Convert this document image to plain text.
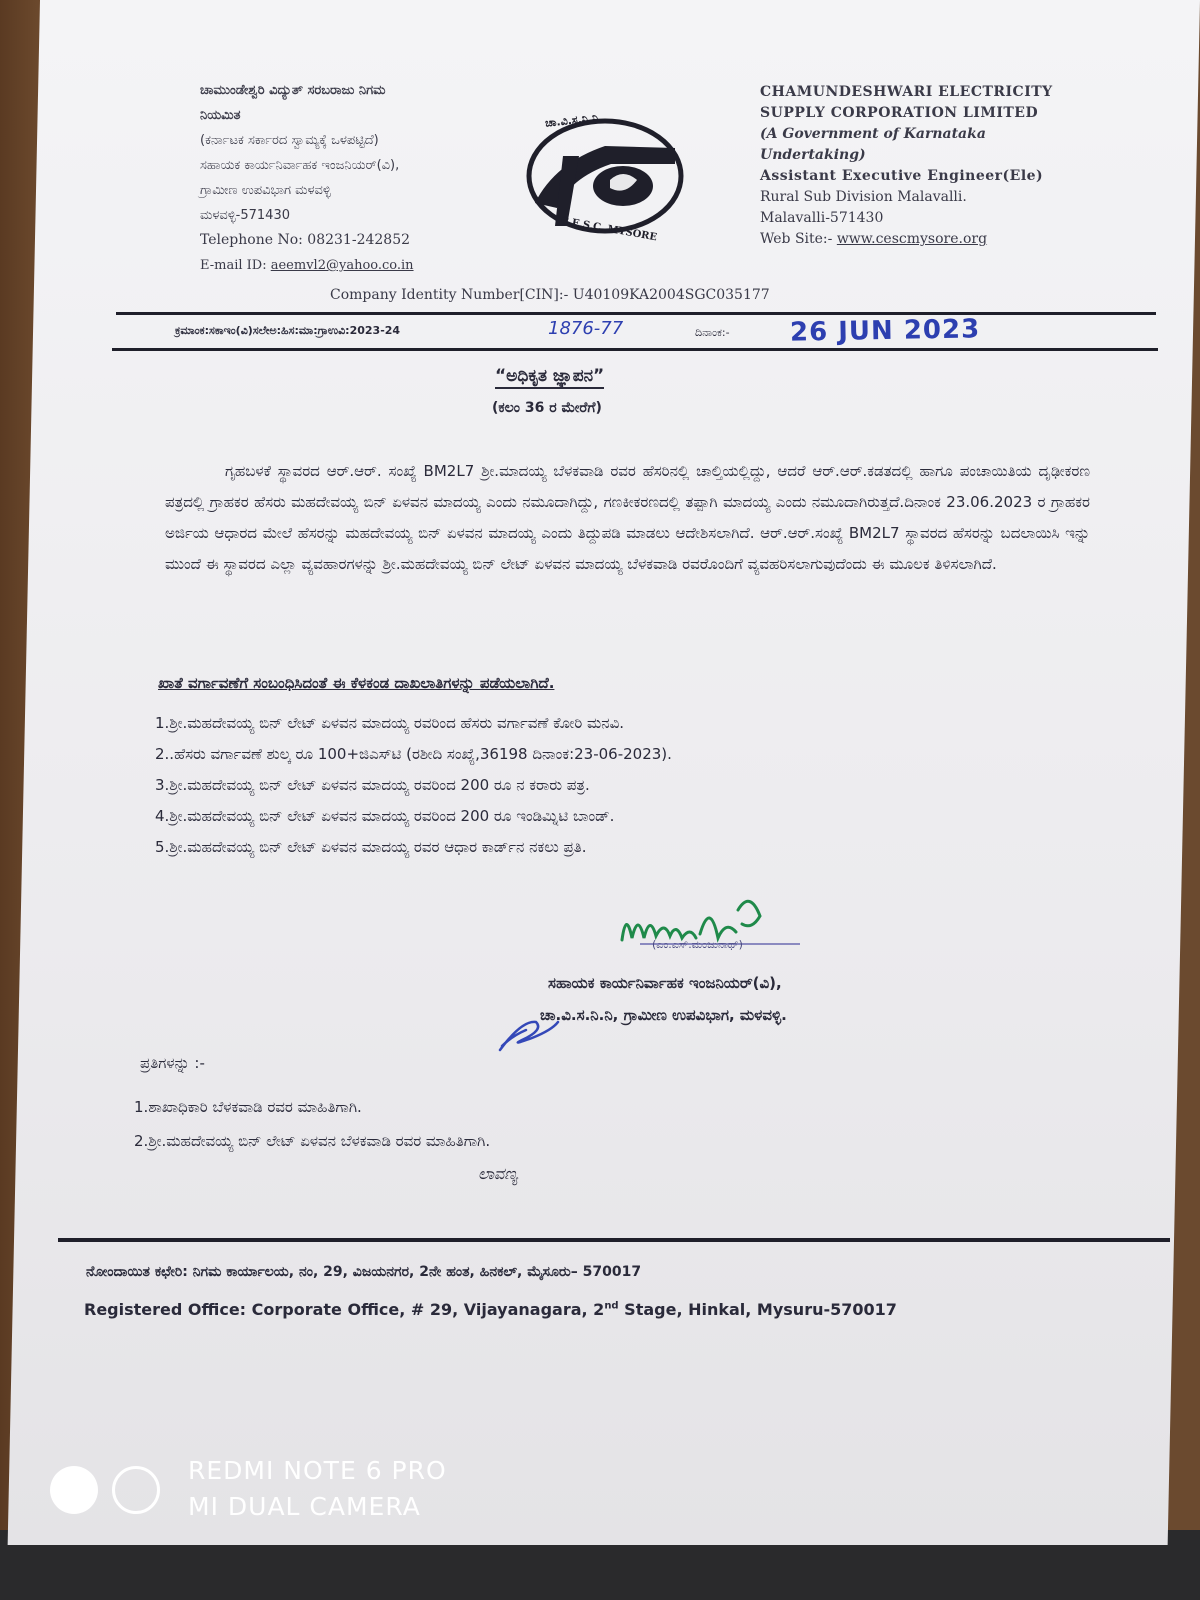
ಚಾಮುಂಡೇಶ್ವರಿ ವಿದ್ಯುತ್ ಸರಬರಾಜು ನಿಗಮ
ನಿಯಮಿತ
(ಕರ್ನಾಟಕ ಸರ್ಕಾರದ ಸ್ವಾಮ್ಯಕ್ಕೆ ಒಳಪಟ್ಟಿದೆ)
ಸಹಾಯಕ ಕಾರ್ಯನಿರ್ವಾಹಕ ಇಂಜನಿಯರ್(ವಿ),
ಗ್ರಾಮೀಣ ಉಪವಿಭಾಗ ಮಳವಳ್ಳಿ
ಮಳವಳ್ಳಿ-571430
Telephone No: 08231-242852
E-mail ID: aeemvl2@yahoo.co.in
ಚಾ.ವಿ.ಸ.ನಿ.ನಿ
C.E.S.C, MYSORE
CHAMUNDESHWARI ELECTRICITY
SUPPLY CORPORATION LIMITED
(A Government of Karnataka
Undertaking)
Assistant Executive Engineer(Ele)
Rural Sub Division Malavalli.
Malavalli-571430
Web Site:- www.cescmysore.org
Company Identity Number[CIN]:- U40109KA2004SGC035177
ಕ್ರಮಾಂಕ:ಸಕಾಇಂ(ವಿ)ಸಲೇಅ:ಹಿಸ:ಮಾ:ಗ್ರಾಉವಿ:2023-24	1876-77	ದಿನಾಂಕ:- 26 JUN 2023
“ಅಧಿಕೃತ ಜ್ಞಾಪನ”
(ಕಲಂ 36 ರ ಮೇರೆಗೆ)
ಗೃಹಬಳಕೆ ಸ್ಥಾವರದ ಆರ್.ಆರ್. ಸಂಖ್ಯೆ BM2L7 ಶ್ರೀ.ಮಾದಯ್ಯ ಬೆಳಕವಾಡಿ ರವರ ಹೆಸರಿನಲ್ಲಿ ಚಾಲ್ತಿಯಲ್ಲಿದ್ದು, ಆದರೆ ಆರ್.ಆರ್.ಕಡತದಲ್ಲಿ ಹಾಗೂ ಪಂಚಾಯಿತಿಯ ದೃಢೀಕರಣ ಪತ್ರದಲ್ಲಿ ಗ್ರಾಹಕರ ಹೆಸರು ಮಹದೇವಯ್ಯ ಬಿನ್ ಏಳವನ ಮಾದಯ್ಯ ಎಂದು ನಮೂದಾಗಿದ್ದು, ಗಣಕೀಕರಣದಲ್ಲಿ ತಪ್ಪಾಗಿ ಮಾದಯ್ಯ ಎಂದು ನಮೂದಾಗಿರುತ್ತದೆ.ದಿನಾಂಕ 23.06.2023 ರ ಗ್ರಾಹಕರ ಅರ್ಜಿಯ ಆಧಾರದ ಮೇಲೆ ಹೆಸರನ್ನು ಮಹದೇವಯ್ಯ ಬಿನ್ ಏಳವನ ಮಾದಯ್ಯ ಎಂದು ತಿದ್ದುಪಡಿ ಮಾಡಲು ಆದೇಶಿಸಲಾಗಿದೆ. ಆರ್.ಆರ್.ಸಂಖ್ಯೆ BM2L7 ಸ್ಥಾವರದ ಹೆಸರನ್ನು ಬದಲಾಯಿಸಿ ಇನ್ನು ಮುಂದೆ ಈ ಸ್ಥಾವರದ ಎಲ್ಲಾ ವ್ಯವಹಾರಗಳನ್ನು ಶ್ರೀ.ಮಹದೇವಯ್ಯ ಬಿನ್ ಲೇಟ್ ಏಳವನ ಮಾದಯ್ಯ ಬೆಳಕವಾಡಿ ರವರೊಂದಿಗೆ ವ್ಯವಹರಿಸಲಾಗುವುದೆಂದು ಈ ಮೂಲಕ ತಿಳಿಸಲಾಗಿದೆ.
ಖಾತೆ ವರ್ಗಾವಣೆಗೆ ಸಂಬಂಧಿಸಿದಂತೆ ಈ ಕೆಳಕಂಡ ದಾಖಲಾತಿಗಳನ್ನು ಪಡೆಯಲಾಗಿದೆ.
1.ಶ್ರೀ.ಮಹದೇವಯ್ಯ ಬಿನ್ ಲೇಟ್ ಏಳವನ ಮಾದಯ್ಯ ರವರಿಂದ ಹೆಸರು ವರ್ಗಾವಣೆ ಕೋರಿ ಮನವಿ.
2..ಹೆಸರು ವರ್ಗಾವಣೆ ಶುಲ್ಕ ರೂ 100+ಜಿಎಸ್‌ಟಿ (ರಶೀದಿ ಸಂಖ್ಯೆ,36198 ದಿನಾಂಕ:23-06-2023).
3.ಶ್ರೀ.ಮಹದೇವಯ್ಯ ಬಿನ್ ಲೇಟ್ ಏಳವನ ಮಾದಯ್ಯ ರವರಿಂದ 200 ರೂ ನ ಕರಾರು ಪತ್ರ.
4.ಶ್ರೀ.ಮಹದೇವಯ್ಯ ಬಿನ್ ಲೇಟ್ ಏಳವನ ಮಾದಯ್ಯ ರವರಿಂದ 200 ರೂ ಇಂಡಿಮ್ನಿಟಿ ಬಾಂಡ್.
5.ಶ್ರೀ.ಮಹದೇವಯ್ಯ ಬಿನ್ ಲೇಟ್ ಏಳವನ ಮಾದಯ್ಯ ರವರ ಆಧಾರ ಕಾರ್ಡ್‌ನ ನಕಲು ಪ್ರತಿ.
(ಎಂ.ಎಸ್.ಮಂಜುನಾಥ್)
ಸಹಾಯಕ ಕಾರ್ಯನಿರ್ವಾಹಕ ಇಂಜನಿಯರ್(ವಿ),
ಚಾ.ವಿ.ಸ.ನಿ.ನಿ, ಗ್ರಾಮೀಣ ಉಪವಿಭಾಗ, ಮಳವಳ್ಳಿ.
ಪ್ರತಿಗಳನ್ನು :-
1.ಶಾಖಾಧಿಕಾರಿ ಬೆಳಕವಾಡಿ ರವರ ಮಾಹಿತಿಗಾಗಿ.
2.ಶ್ರೀ.ಮಹದೇವಯ್ಯ ಬಿನ್ ಲೇಟ್ ಏಳವನ ಬೆಳಕವಾಡಿ ರವರ ಮಾಹಿತಿಗಾಗಿ.
ಲಾವಣ್ಯ
ನೋಂದಾಯಿತ ಕಛೇರಿ: ನಿಗಮ ಕಾರ್ಯಾಲಯ, ನಂ, 29, ವಿಜಯನಗರ, 2ನೇ ಹಂತ, ಹಿನಕಲ್, ಮೈಸೂರು– 570017
Registered Office: Corporate Office, # 29, Vijayanagara, 2nd Stage, Hinkal, Mysuru-570017
REDMI NOTE 6 PRO
MI DUAL CAMERA
